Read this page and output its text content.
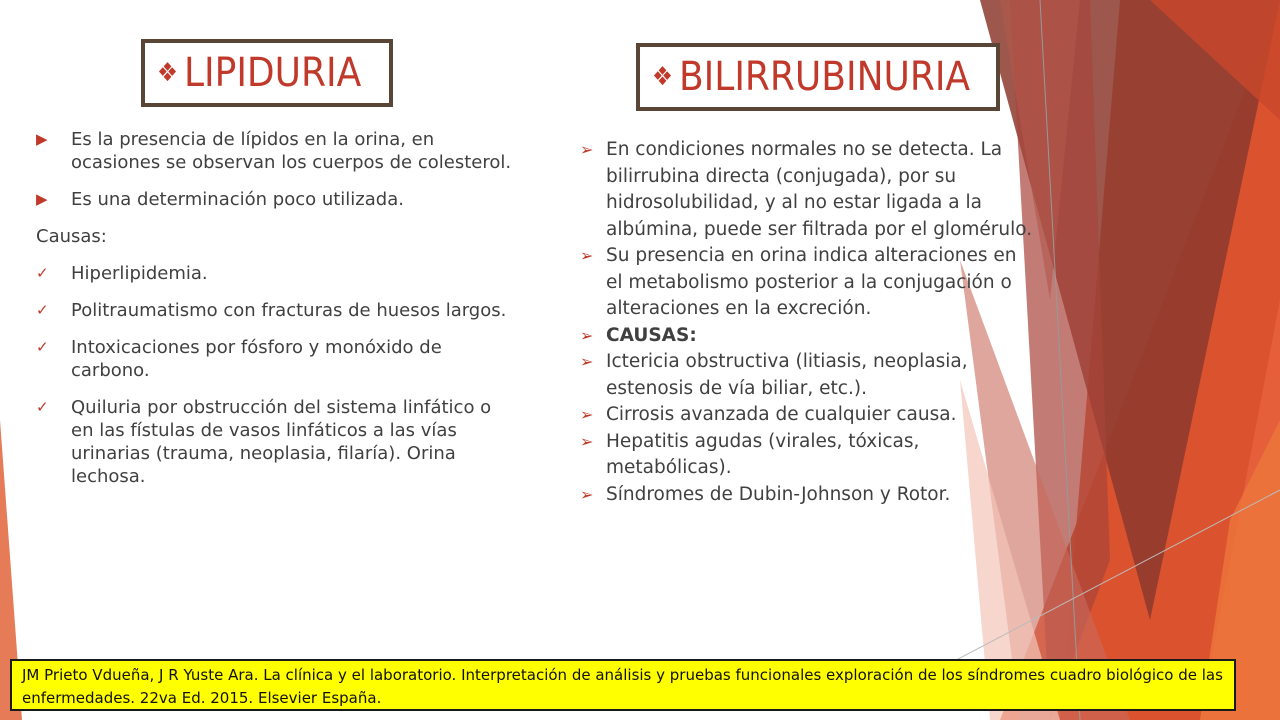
❖ LIPIDURIA	❖ BILIRRUBINURIA
▶ Es la presencia de lípidos en la orina, en ocasiones se observan los cuerpos de colesterol.
▶ Es una determinación poco utilizada.
Causas:
✓ Hiperlipidemia.
✓ Politraumatismo con fracturas de huesos largos.
✓ Intoxicaciones por fósforo y monóxido de carbono.
✓ Quiluria por obstrucción del sistema linfático o en las fístulas de vasos linfáticos a las vías urinarias (trauma, neoplasia, filaría). Orina lechosa.
➢ En condiciones normales no se detecta. La bilirrubina directa (conjugada), por su hidrosolubilidad, y al no estar ligada a la albúmina, puede ser filtrada por el glomérulo.
➢ Su presencia en orina indica alteraciones en el metabolismo posterior a la conjugación o alteraciones en la excreción.
➢ CAUSAS:
➢ Ictericia obstructiva (litiasis, neoplasia, estenosis de vía biliar, etc.).
➢ Cirrosis avanzada de cualquier causa.
➢ Hepatitis agudas (virales, tóxicas, metabólicas).
➢ Síndromes de Dubin-Johnson y Rotor.
JM Prieto Vdueña, J R Yuste Ara. La clínica y el laboratorio. Interpretación de análisis y pruebas funcionales exploración de los síndromes cuadro biológico de las enfermedades. 22va Ed. 2015. Elsevier España.
